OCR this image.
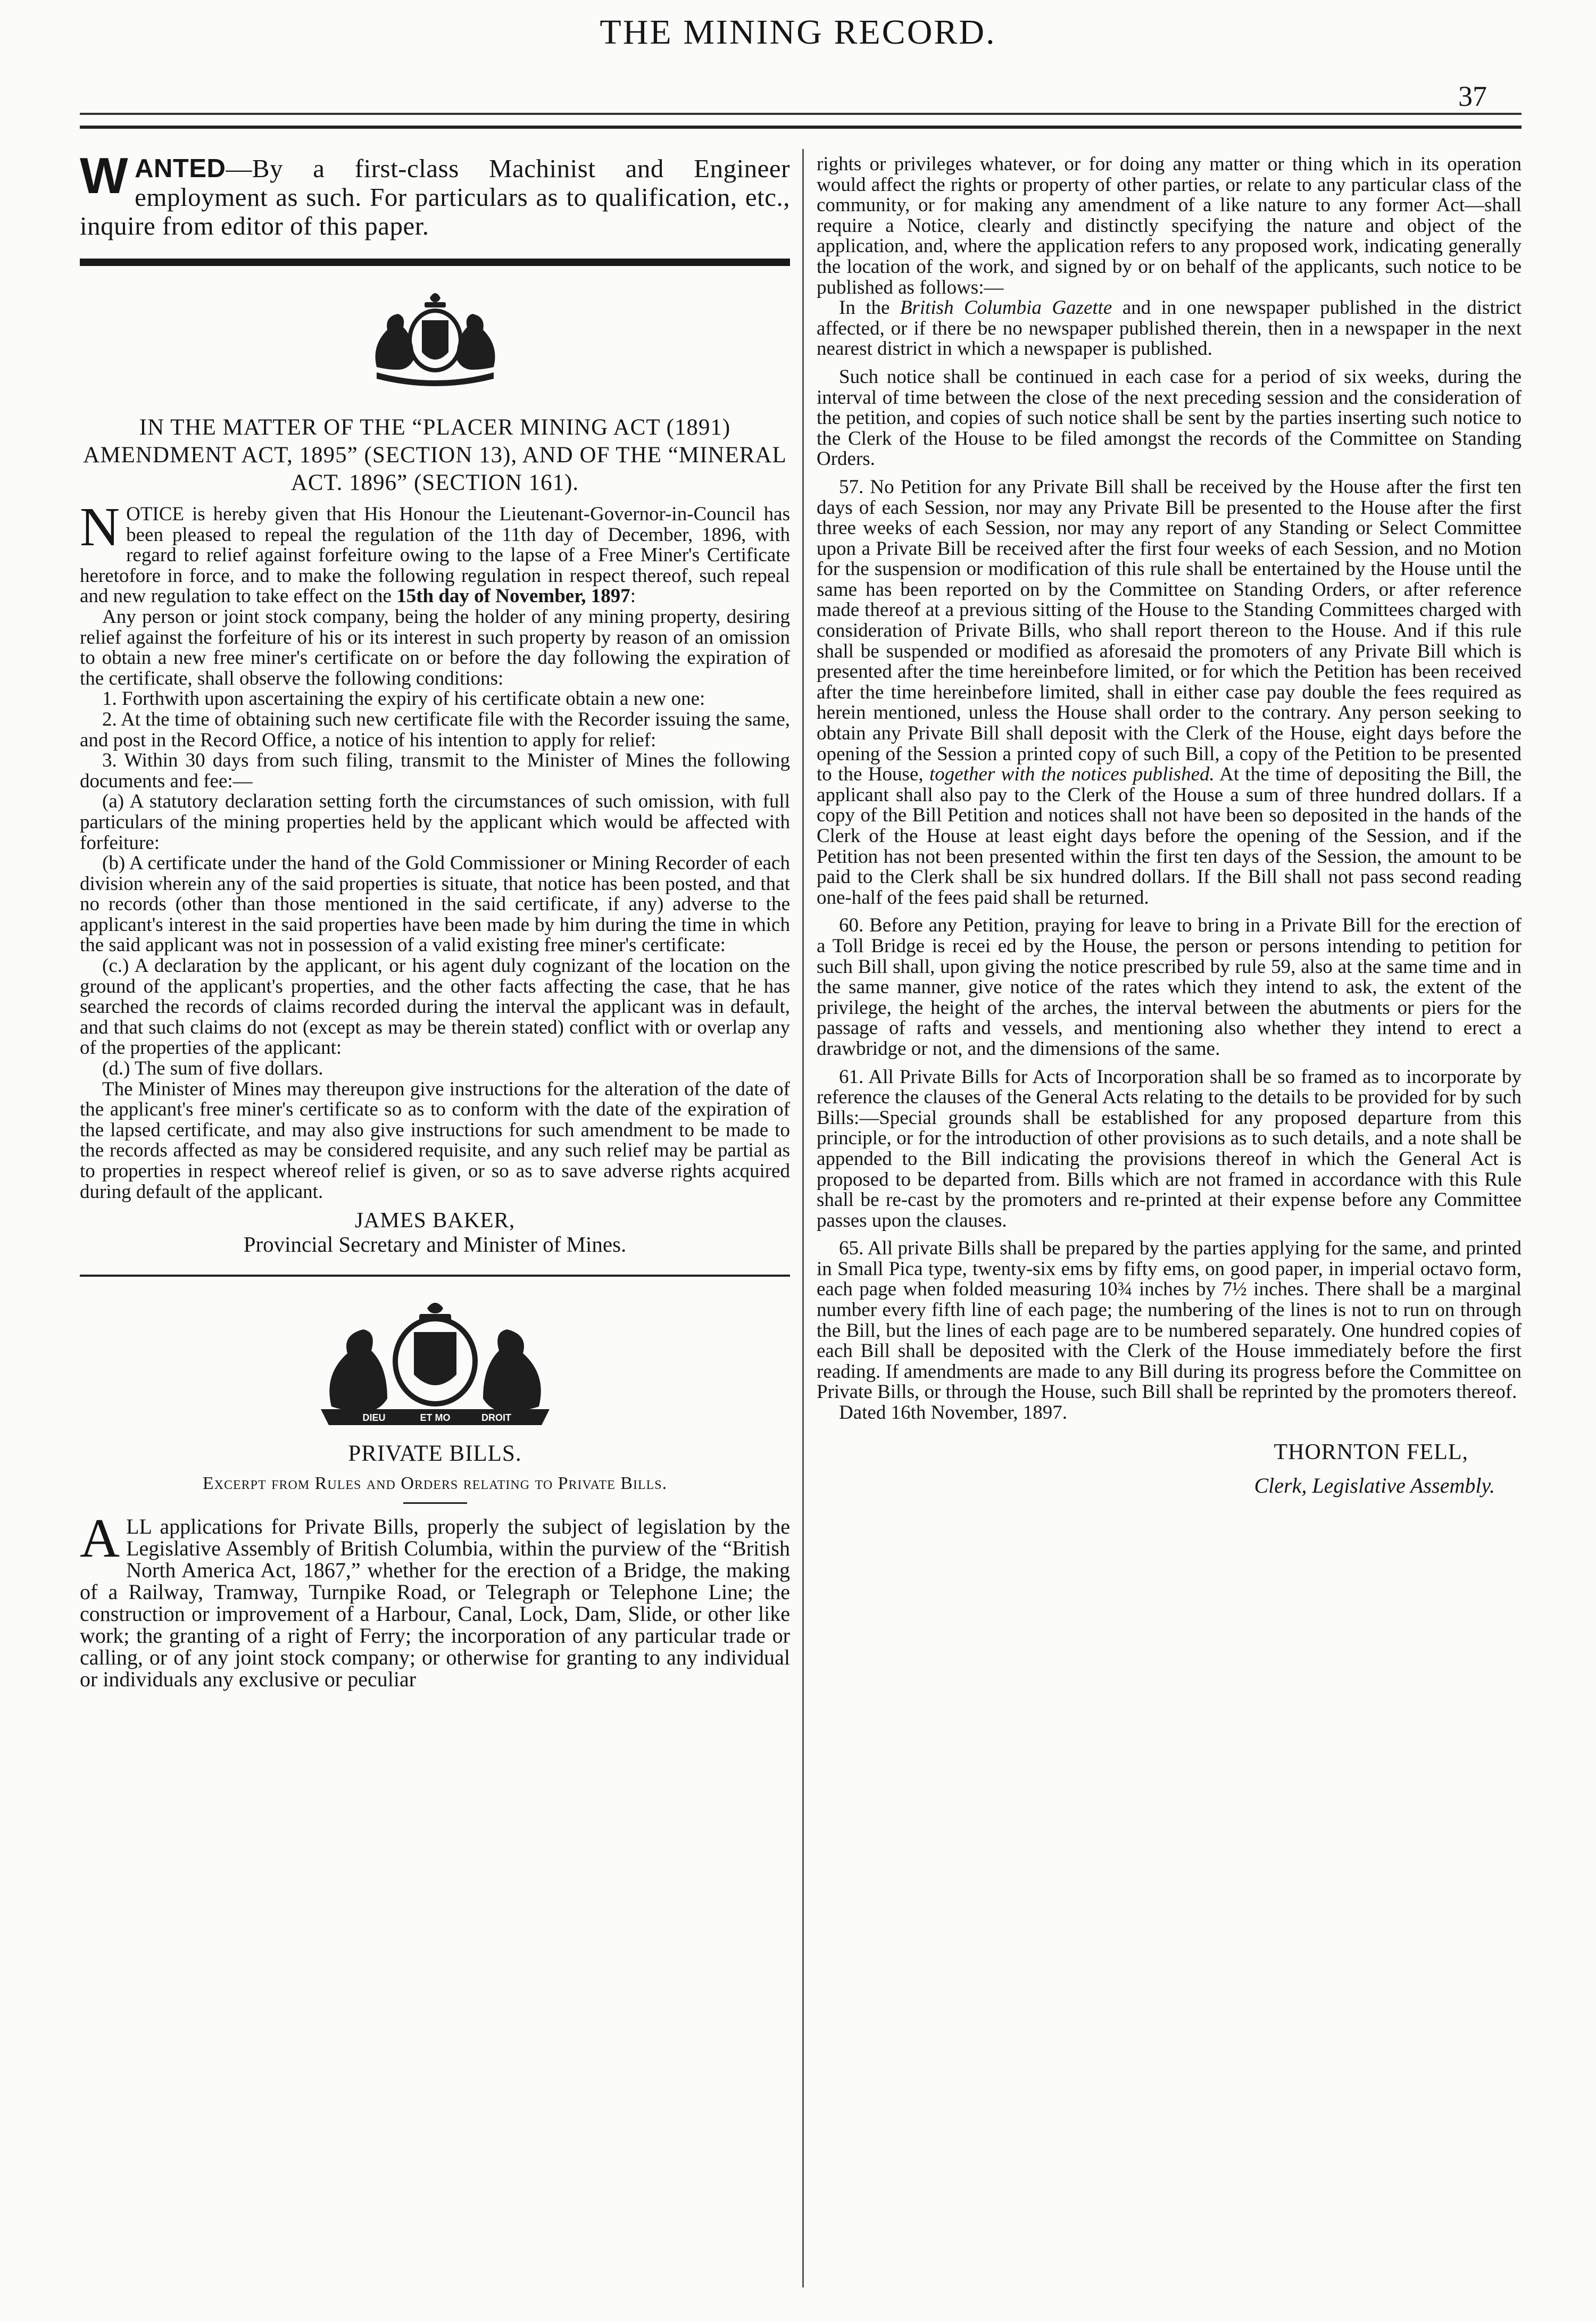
THE MINING RECORD.
37

WANTED—By a first-class Machinist and Engineer employment as such. For particulars as to qualification, etc., inquire from editor of this paper.

IN THE MATTER OF THE “PLACER MINING ACT (1891) AMENDMENT ACT, 1895” (SECTION 13), AND OF THE “MINERAL ACT. 1896” (SECTION 161).

NOTICE is hereby given that His Honour the Lieutenant-Governor-in-Council has been pleased to repeal the regulation of the 11th day of December, 1896, with regard to relief against forfeiture owing to the lapse of a Free Miner's Certificate heretofore in force, and to make the following regulation in respect thereof, such repeal and new regulation to take effect on the 15th day of November, 1897:

Any person or joint stock company, being the holder of any mining property, desiring relief against the forfeiture of his or its interest in such property by reason of an omission to obtain a new free miner's certificate on or before the day following the expiration of the certificate, shall observe the following conditions:

1. Forthwith upon ascertaining the expiry of his certificate obtain a new one:

2. At the time of obtaining such new certificate file with the Recorder issuing the same, and post in the Record Office, a notice of his intention to apply for relief:

3. Within 30 days from such filing, transmit to the Minister of Mines the following documents and fee:—

(a) A statutory declaration setting forth the circumstances of such omission, with full particulars of the mining properties held by the applicant which would be affected with forfeiture:

(b) A certificate under the hand of the Gold Commissioner or Mining Recorder of each division wherein any of the said properties is situate, that notice has been posted, and that no records (other than those mentioned in the said certificate, if any) adverse to the applicant's interest in the said properties have been made by him during the time in which the said applicant was not in possession of a valid existing free miner's certificate:

(c.) A declaration by the applicant, or his agent duly cognizant of the location on the ground of the applicant's properties, and the other facts affecting the case, that he has searched the records of claims recorded during the interval the applicant was in default, and that such claims do not (except as may be therein stated) conflict with or overlap any of the properties of the applicant:

(d.) The sum of five dollars.

The Minister of Mines may thereupon give instructions for the alteration of the date of the applicant's free miner's certificate so as to conform with the date of the expiration of the lapsed certificate, and may also give instructions for such amendment to be made to the records affected as may be considered requisite, and any such relief may be partial as to properties in respect whereof relief is given, or so as to save adverse rights acquired during default of the applicant.

JAMES BAKER,
Provincial Secretary and Minister of Mines.
DIEU	ET MO	DROIT
PRIVATE BILLS.
Excerpt from Rules and Orders relating to Private Bills.

ALL applications for Private Bills, properly the subject of legislation by the Legislative Assembly of British Columbia, within the purview of the “British North America Act, 1867,” whether for the erection of a Bridge, the making of a Railway, Tramway, Turnpike Road, or Telegraph or Telephone Line; the construction or improvement of a Harbour, Canal, Lock, Dam, Slide, or other like work; the granting of a right of Ferry; the incorporation of any particular trade or calling, or of any joint stock company; or otherwise for granting to any individual or individuals any exclusive or peculiar

rights or privileges whatever, or for doing any matter or thing which in its operation would affect the rights or property of other parties, or relate to any particular class of the community, or for making any amendment of a like nature to any former Act—shall require a Notice, clearly and distinctly specifying the nature and object of the application, and, where the application refers to any proposed work, indicating generally the location of the work, and signed by or on behalf of the applicants, such notice to be published as follows:—

In the British Columbia Gazette and in one newspaper published in the district affected, or if there be no newspaper published therein, then in a newspaper in the next nearest district in which a newspaper is published.

Such notice shall be continued in each case for a period of six weeks, during the interval of time between the close of the next preceding session and the consideration of the petition, and copies of such notice shall be sent by the parties inserting such notice to the Clerk of the House to be filed amongst the records of the Committee on Standing Orders.

57. No Petition for any Private Bill shall be received by the House after the first ten days of each Session, nor may any Private Bill be presented to the House after the first three weeks of each Session, nor may any report of any Standing or Select Committee upon a Private Bill be received after the first four weeks of each Session, and no Motion for the suspension or modification of this rule shall be entertained by the House until the same has been reported on by the Committee on Standing Orders, or after reference made thereof at a previous sitting of the House to the Standing Committees charged with consideration of Private Bills, who shall report thereon to the House. And if this rule shall be suspended or modified as aforesaid the promoters of any Private Bill which is presented after the time hereinbefore limited, or for which the Petition has been received after the time hereinbefore limited, shall in either case pay double the fees required as herein mentioned, unless the House shall order to the contrary. Any person seeking to obtain any Private Bill shall deposit with the Clerk of the House, eight days before the opening of the Session a printed copy of such Bill, a copy of the Petition to be presented to the House, together with the notices published. At the time of depositing the Bill, the applicant shall also pay to the Clerk of the House a sum of three hundred dollars. If a copy of the Bill Petition and notices shall not have been so deposited in the hands of the Clerk of the House at least eight days before the opening of the Session, and if the Petition has not been presented within the first ten days of the Session, the amount to be paid to the Clerk shall be six hundred dollars. If the Bill shall not pass second reading one-half of the fees paid shall be returned.

60. Before any Petition, praying for leave to bring in a Private Bill for the erection of a Toll Bridge is recei ed by the House, the person or persons intending to petition for such Bill shall, upon giving the notice prescribed by rule 59, also at the same time and in the same manner, give notice of the rates which they intend to ask, the extent of the privilege, the height of the arches, the interval between the abutments or piers for the passage of rafts and vessels, and mentioning also whether they intend to erect a drawbridge or not, and the dimensions of the same.

61. All Private Bills for Acts of Incorporation shall be so framed as to incorporate by reference the clauses of the General Acts relating to the details to be provided for by such Bills:—Special grounds shall be established for any proposed departure from this principle, or for the introduction of other provisions as to such details, and a note shall be appended to the Bill indicating the provisions thereof in which the General Act is proposed to be departed from. Bills which are not framed in accordance with this Rule shall be re-cast by the promoters and re-printed at their expense before any Committee passes upon the clauses.

65. All private Bills shall be prepared by the parties applying for the same, and printed in Small Pica type, twenty-six ems by fifty ems, on good paper, in imperial octavo form, each page when folded measuring 10¾ inches by 7½ inches. There shall be a marginal number every fifth line of each page; the numbering of the lines is not to run on through the Bill, but the lines of each page are to be numbered separately. One hundred copies of each Bill shall be deposited with the Clerk of the House immediately before the first reading. If amendments are made to any Bill during its progress before the Committee on Private Bills, or through the House, such Bill shall be reprinted by the promoters thereof.

Dated 16th November, 1897.

THORNTON FELL,
Clerk, Legislative Assembly.
